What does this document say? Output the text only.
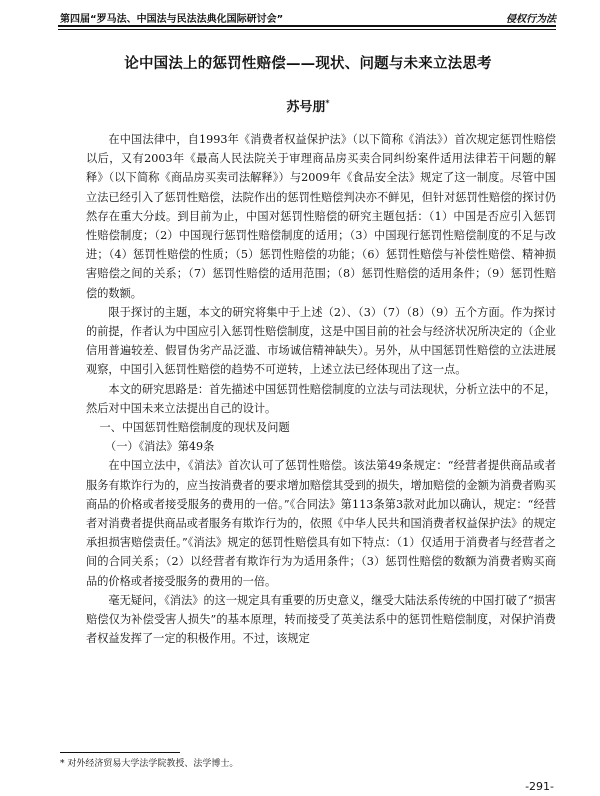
第四届“罗马法、中国法与民法法典化国际研讨会”	侵权行为法
论中国法上的惩罚性赔偿——现状、问题与未来立法思考
苏号朋*

在中国法律中，自1993年《消费者权益保护法》（以下简称《消法》）首次规定惩罚性赔偿以后，又有2003年《最高人民法院关于审理商品房买卖合同纠纷案件适用法律若干问题的解释》（以下简称《商品房买卖司法解释》）与2009年《食品安全法》规定了这一制度。尽管中国立法已经引入了惩罚性赔偿，法院作出的惩罚性赔偿判决亦不鲜见，但针对惩罚性赔偿的探讨仍然存在重大分歧。到目前为止，中国对惩罚性赔偿的研究主题包括：（1）中国是否应引入惩罚性赔偿制度；（2）中国现行惩罚性赔偿制度的适用；（3）中国现行惩罚性赔偿制度的不足与改进；（4）惩罚性赔偿的性质；（5）惩罚性赔偿的功能；（6）惩罚性赔偿与补偿性赔偿、精神损害赔偿之间的关系；（7）惩罚性赔偿的适用范围；（8）惩罚性赔偿的适用条件；（9）惩罚性赔偿的数额。

限于探讨的主题，本文的研究将集中于上述（2）、（3）（7）（8）（9）五个方面。作为探讨的前提，作者认为中国应引入惩罚性赔偿制度，这是中国目前的社会与经济状况所决定的（企业信用普遍较差、假冒伪劣产品泛滥、市场诚信精神缺失）。另外，从中国惩罚性赔偿的立法进展观察，中国引入惩罚性赔偿的趋势不可逆转，上述立法已经体现出了这一点。

本文的研究思路是：首先描述中国惩罚性赔偿制度的立法与司法现状，分析立法中的不足，然后对中国未来立法提出自己的设计。

一、中国惩罚性赔偿制度的现状及问题

（一）《消法》第49条

在中国立法中，《消法》首次认可了惩罚性赔偿。该法第49条规定：“经营者提供商品或者服务有欺诈行为的，应当按消费者的要求增加赔偿其受到的损失，增加赔偿的金额为消费者购买商品的价格或者接受服务的费用的一倍。”《合同法》第113条第3款对此加以确认，规定：“经营者对消费者提供商品或者服务有欺诈行为的，依照《中华人民共和国消费者权益保护法》的规定承担损害赔偿责任。”《消法》规定的惩罚性赔偿具有如下特点：（1）仅适用于消费者与经营者之间的合同关系；（2）以经营者有欺诈行为为适用条件；（3）惩罚性赔偿的数额为消费者购买商品的价格或者接受服务的费用的一倍。

毫无疑问，《消法》的这一规定具有重要的历史意义，继受大陆法系传统的中国打破了“损害赔偿仅为补偿受害人损失”的基本原理，转而接受了英美法系中的惩罚性赔偿制度，对保护消费者权益发挥了一定的积极作用。不过，该规定

* 对外经济贸易大学法学院教授、法学博士。
-291-
